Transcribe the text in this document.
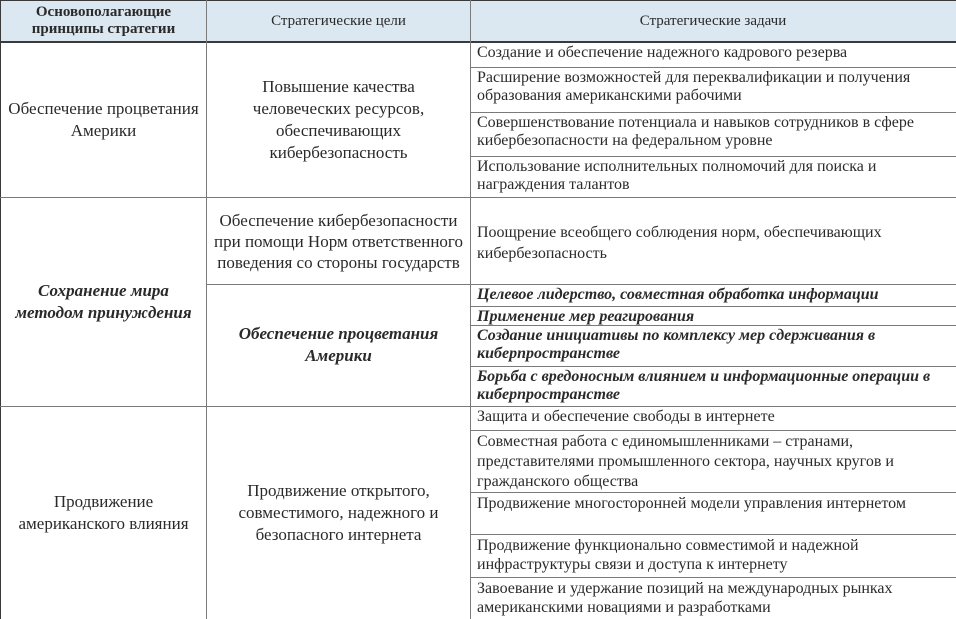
Основополагающие принципы стратегии
Стратегические цели	Стратегические задачи
Обеспечение процветания Америки
Повышение качества человеческих ресурсов, обеспечивающих кибербезопасность
Создание и обеспечение надежного кадрового резерва
Расширение возможностей для переквалификации и получения образования американскими рабочими
Совершенствование потенциала и навыков сотрудников в сфере кибербезопасности на федеральном уровне
Использование исполнительных полномочий для поиска и награждения талантов
Сохранение мира методом принуждения
Обеспечение кибербезопасности при помощи Норм ответственного поведения со стороны государств
Поощрение всеобщего соблюдения норм, обеспечивающих кибербезопасность
Обеспечение процветания Америки
Целевое лидерство, совместная обработка информации
Применение мер реагирования
Создание инициативы по комплексу мер сдерживания в киберпространстве
Борьба с вредоносным влиянием и информационные операции в киберпространстве
Продвижение американского влияния
Продвижение открытого, совместимого, надежного и безопасного интернета
Защита и обеспечение свободы в интернете
Совместная работа с единомышленниками – странами, представителями промышленного сектора, научных кругов и гражданского общества
Продвижение многосторонней модели управления интернетом
Продвижение функционально совместимой и надежной инфраструктуры связи и доступа к интернету
Завоевание и удержание позиций на международных рынках американскими новациями и разработками
